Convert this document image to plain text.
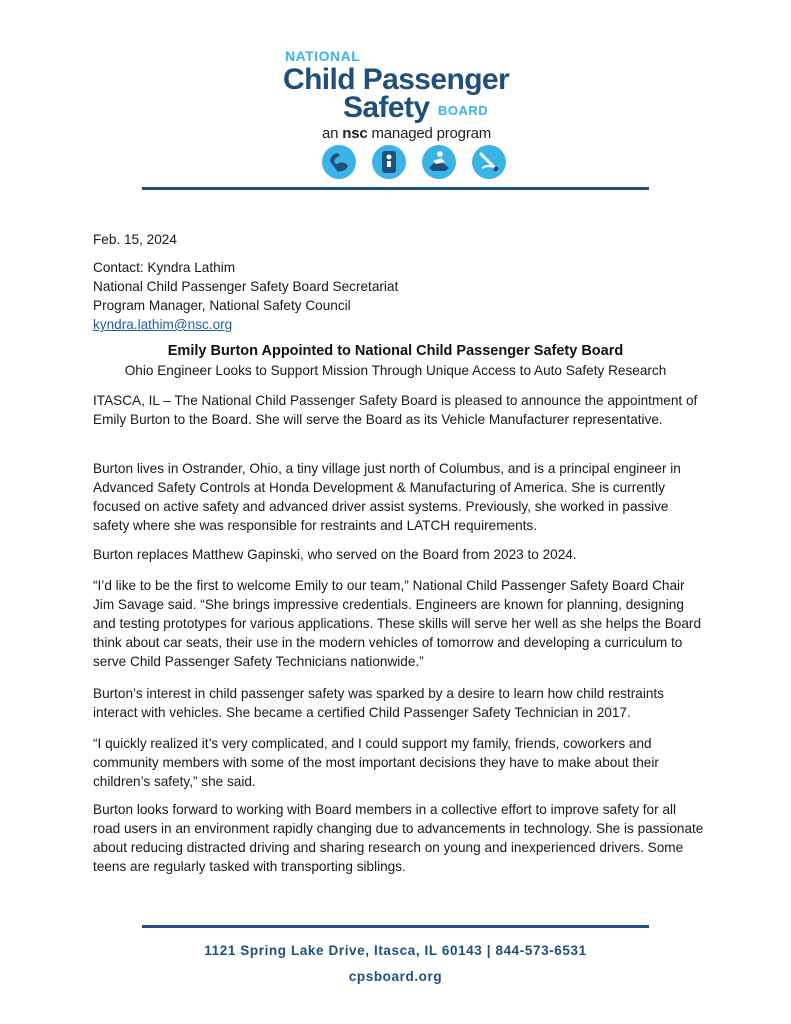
NATIONAL
Child Passenger
Safety BOARD
an nsc managed program
Feb. 15, 2024
Contact: Kyndra Lathim
National Child Passenger Safety Board Secretariat
Program Manager, National Safety Council
kyndra.lathim@nsc.org
Emily Burton Appointed to National Child Passenger Safety Board
Ohio Engineer Looks to Support Mission Through Unique Access to Auto Safety Research

ITASCA, IL – The National Child Passenger Safety Board is pleased to announce the appointment of Emily Burton to the Board. She will serve the Board as its Vehicle Manufacturer representative.

Burton lives in Ostrander, Ohio, a tiny village just north of Columbus, and is a principal engineer in Advanced Safety Controls at Honda Development & Manufacturing of America. She is currently focused on active safety and advanced driver assist systems. Previously, she worked in passive safety where she was responsible for restraints and LATCH requirements.

Burton replaces Matthew Gapinski, who served on the Board from 2023 to 2024.

“I’d like to be the first to welcome Emily to our team,” National Child Passenger Safety Board Chair Jim Savage said. “She brings impressive credentials. Engineers are known for planning, designing and testing prototypes for various applications. These skills will serve her well as she helps the Board think about car seats, their use in the modern vehicles of tomorrow and developing a curriculum to serve Child Passenger Safety Technicians nationwide.”

Burton’s interest in child passenger safety was sparked by a desire to learn how child restraints interact with vehicles. She became a certified Child Passenger Safety Technician in 2017.

“I quickly realized it’s very complicated, and I could support my family, friends, coworkers and community members with some of the most important decisions they have to make about their children’s safety,” she said.

Burton looks forward to working with Board members in a collective effort to improve safety for all road users in an environment rapidly changing due to advancements in technology. She is passionate about reducing distracted driving and sharing research on young and inexperienced drivers. Some teens are regularly tasked with transporting siblings.

1121 Spring Lake Drive, Itasca, IL 60143 | 844-573-6531
cpsboard.org
